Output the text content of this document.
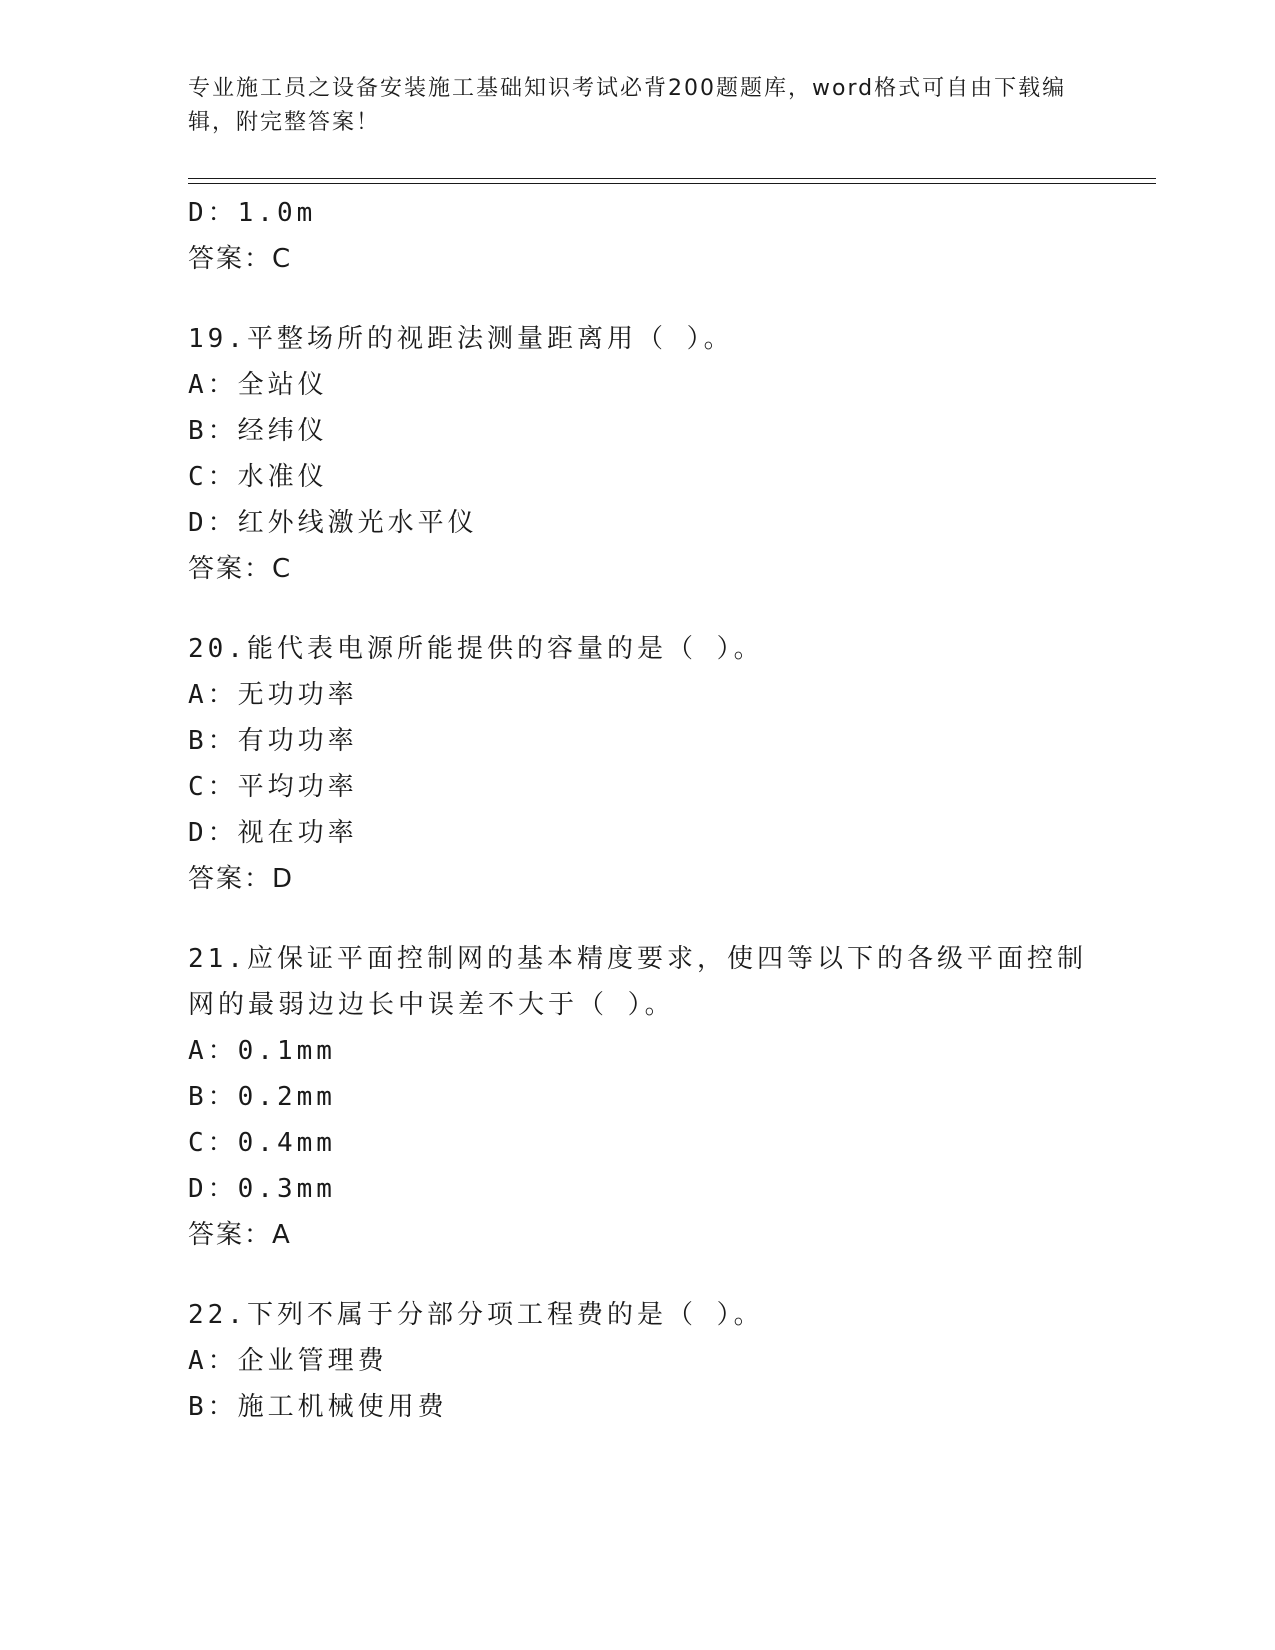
专业施工员之设备安装施工基础知识考试必背200题题库，word格式可自由下载编辑，附完整答案！
D：1.0m
答案：C
19.平整场所的视距法测量距离用（ ）。
A：全站仪
B：经纬仪
C：水准仪
D：红外线激光水平仪
答案：C
20.能代表电源所能提供的容量的是（ ）。
A：无功功率
B：有功功率
C：平均功率
D：视在功率
答案：D
21.应保证平面控制网的基本精度要求，使四等以下的各级平面控制网的最弱边边长中误差不大于（ ）。
A：0.1mm
B：0.2mm
C：0.4mm
D：0.3mm
答案：A
22.下列不属于分部分项工程费的是（ ）。
A：企业管理费
B：施工机械使用费
